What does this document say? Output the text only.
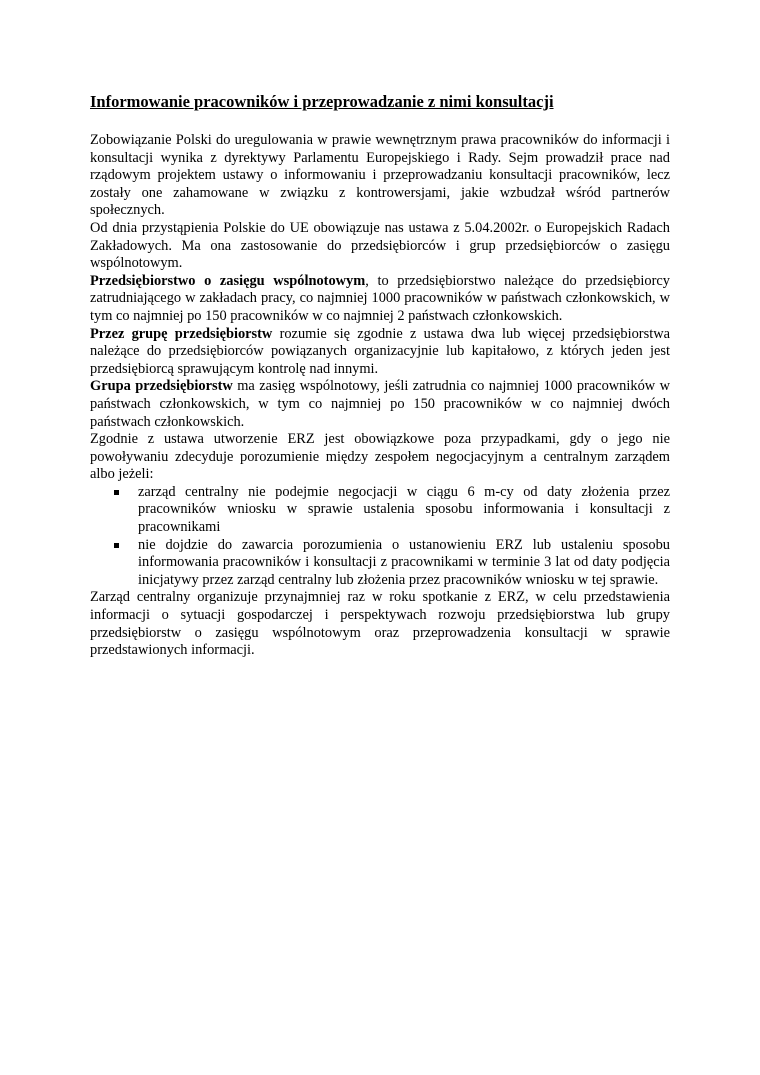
Informowanie pracowników i przeprowadzanie z nimi konsultacji

Zobowiązanie Polski do uregulowania w prawie wewnętrznym prawa pracowników do informacji i konsultacji wynika z dyrektywy Parlamentu Europejskiego i Rady. Sejm prowadził prace nad rządowym projektem ustawy o informowaniu i przeprowadzaniu konsultacji pracowników, lecz zostały one zahamowane w związku z kontrowersjami, jakie wzbudzał wśród partnerów społecznych.

Od dnia przystąpienia Polskie do UE obowiązuje nas ustawa z 5.04.2002r. o Europejskich Radach Zakładowych. Ma ona zastosowanie do przedsiębiorców i grup przedsiębiorców o zasięgu wspólnotowym.

Przedsiębiorstwo o zasięgu wspólnotowym, to przedsiębiorstwo należące do przedsiębiorcy zatrudniającego w zakładach pracy, co najmniej 1000 pracowników w państwach członkowskich, w tym co najmniej po 150 pracowników w co najmniej 2 państwach członkowskich.

Przez grupę przedsiębiorstw rozumie się zgodnie z ustawa dwa lub więcej przedsiębiorstwa należące do przedsiębiorców powiązanych organizacyjnie lub kapitałowo, z których jeden jest przedsiębiorcą sprawującym kontrolę nad innymi.

Grupa przedsiębiorstw ma zasięg wspólnotowy, jeśli zatrudnia co najmniej 1000 pracowników w państwach członkowskich, w tym co najmniej po 150 pracowników w co najmniej dwóch państwach członkowskich.

Zgodnie z ustawa utworzenie ERZ jest obowiązkowe poza przypadkami, gdy o jego nie powoływaniu zdecyduje porozumienie między zespołem negocjacyjnym a centralnym zarządem albo jeżeli:

zarząd centralny nie podejmie negocjacji w ciągu 6 m-cy od daty złożenia przez pracowników wniosku w sprawie ustalenia sposobu informowania i konsultacji z pracownikami
nie dojdzie do zawarcia porozumienia o ustanowieniu ERZ lub ustaleniu sposobu informowania pracowników i konsultacji z pracownikami w terminie 3 lat od daty podjęcia inicjatywy przez zarząd centralny lub złożenia przez pracowników wniosku w tej sprawie.

Zarząd centralny organizuje przynajmniej raz w roku spotkanie z ERZ, w celu przedstawienia informacji o sytuacji gospodarczej i perspektywach rozwoju przedsiębiorstwa lub grupy przedsiębiorstw o zasięgu wspólnotowym oraz przeprowadzenia konsultacji w sprawie przedstawionych informacji.
